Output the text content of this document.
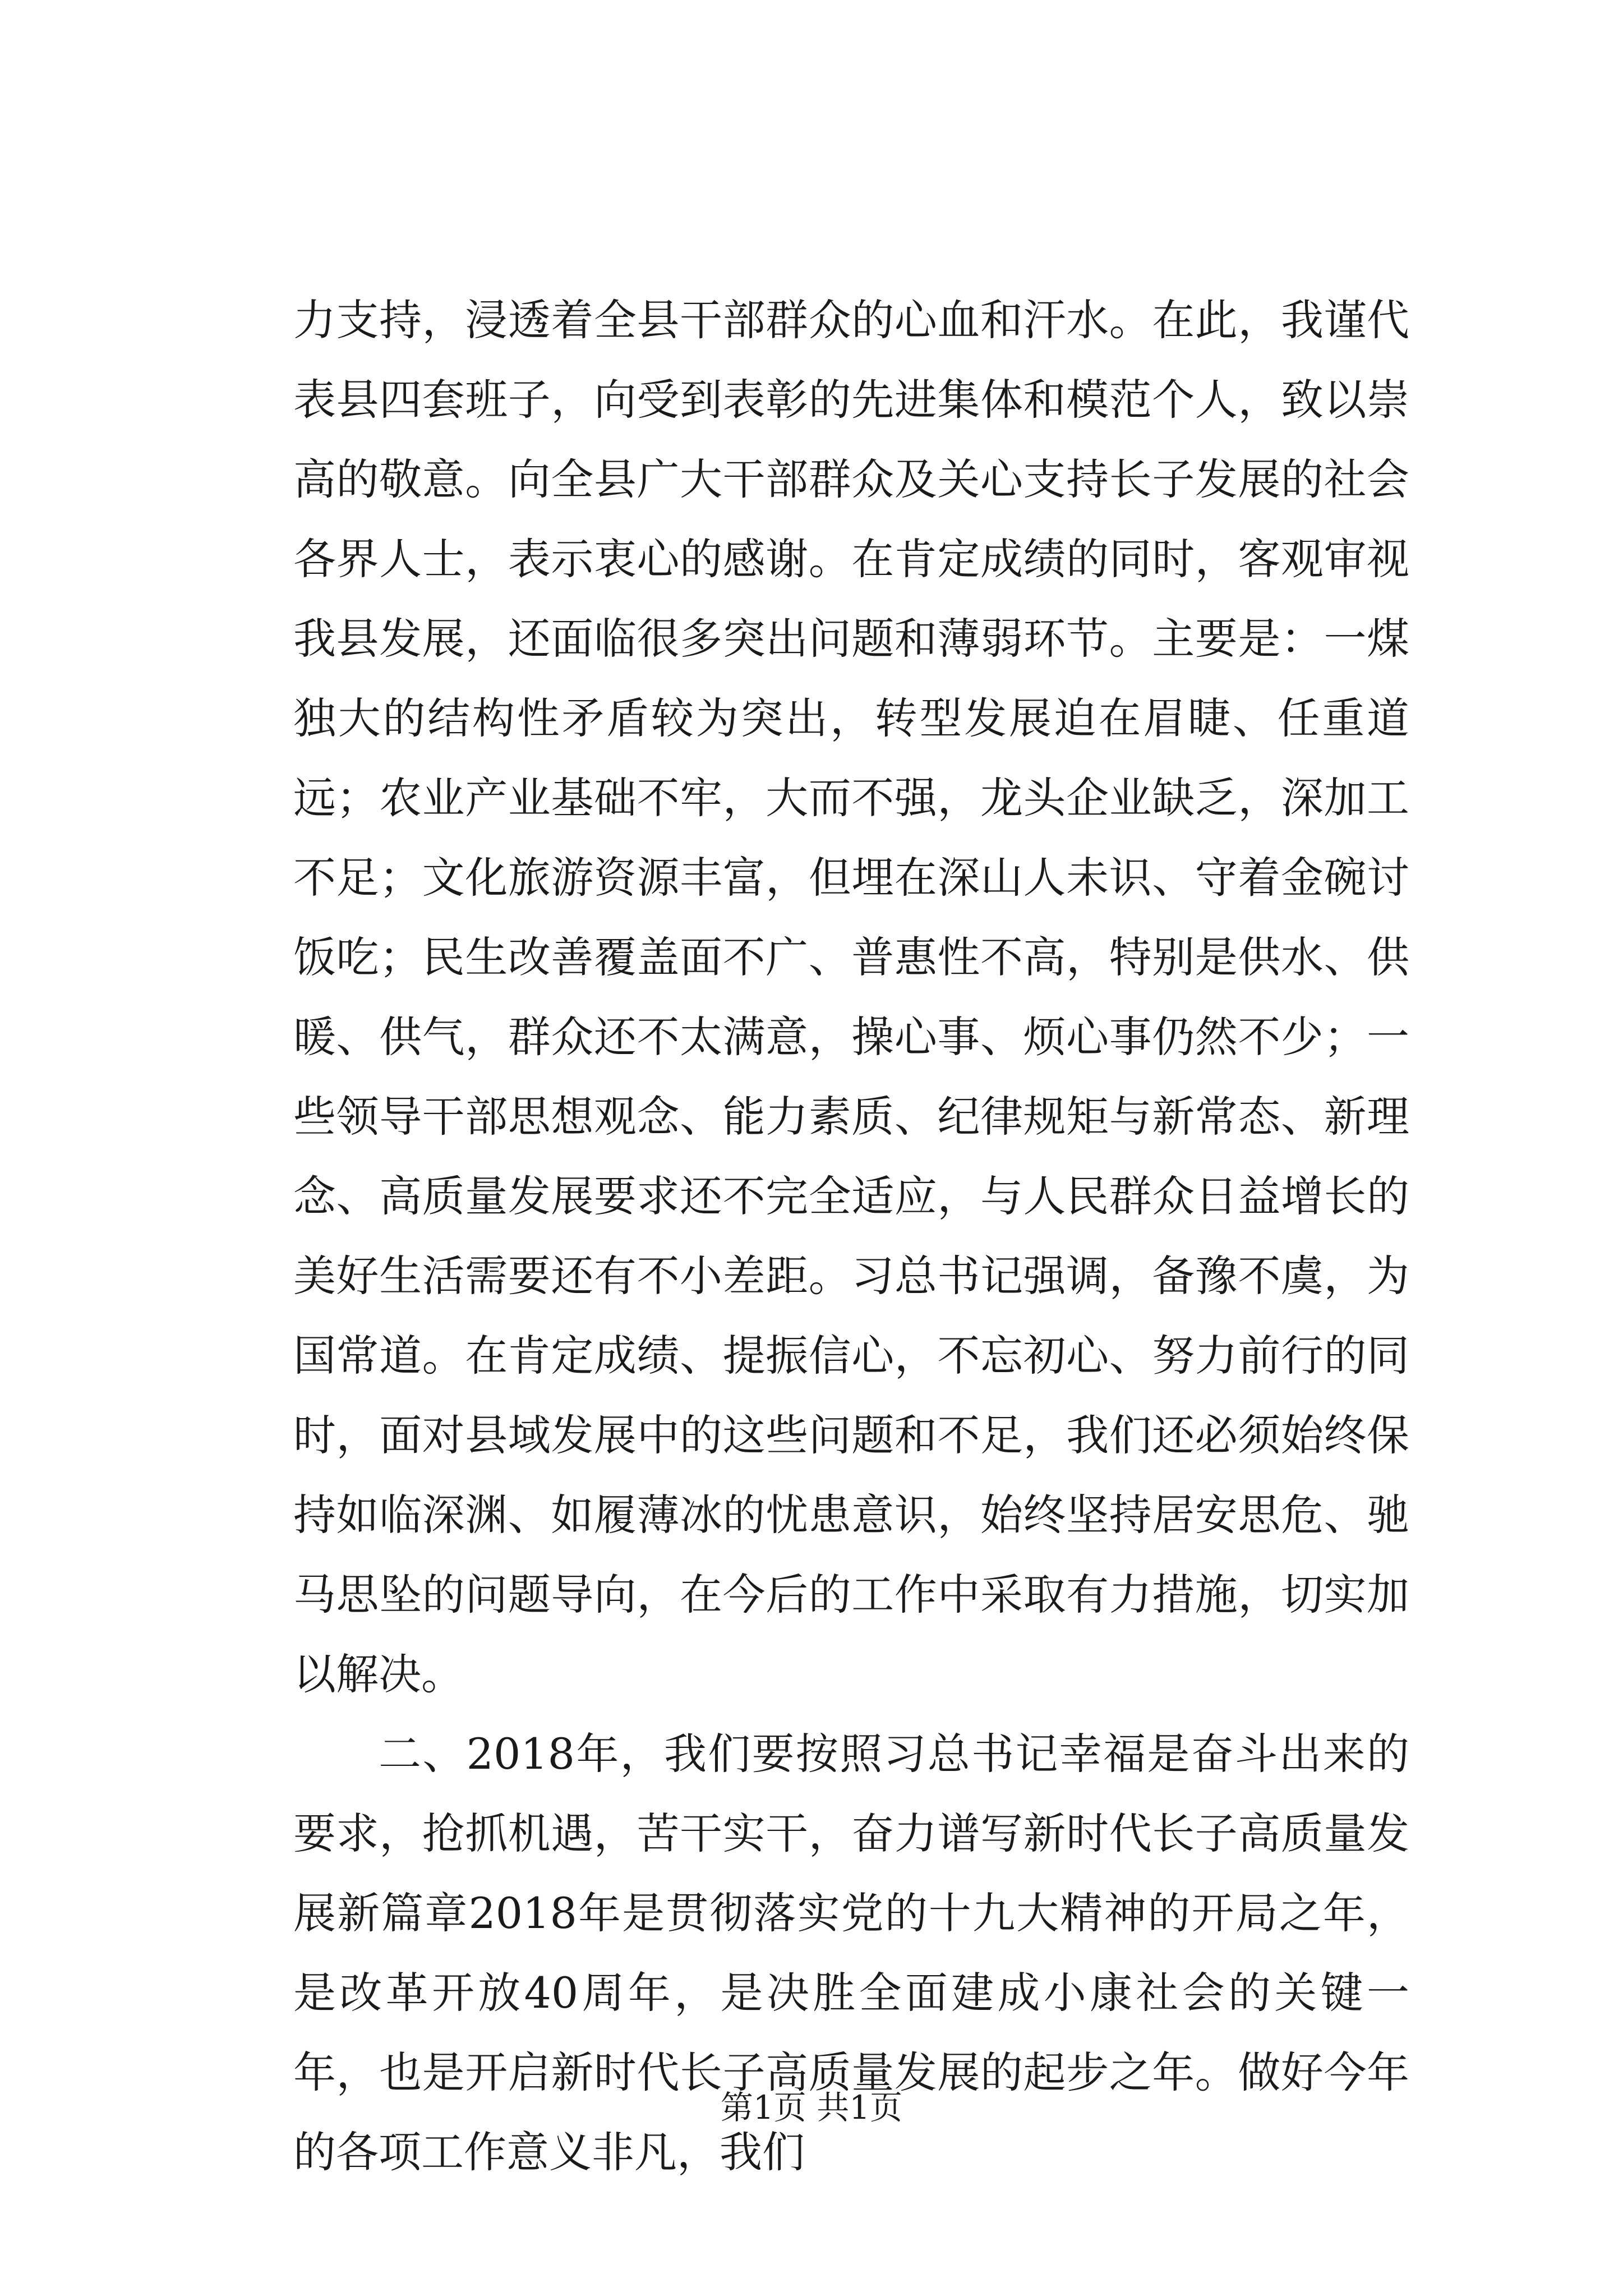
力支持，浸透着全县干部群众的心血和汗水。在此，我谨代表县四套班子，向受到表彰的先进集体和模范个人，致以崇高的敬意。向全县广大干部群众及关心支持长子发展的社会各界人士，表示衷心的感谢。在肯定成绩的同时，客观审视我县发展，还面临很多突出问题和薄弱环节。主要是：一煤独大的结构性矛盾较为突出，转型发展迫在眉睫、任重道远；农业产业基础不牢，大而不强，龙头企业缺乏，深加工不足；文化旅游资源丰富，但埋在深山人未识、守着金碗讨饭吃；民生改善覆盖面不广、普惠性不高，特别是供水、供暖、供气，群众还不太满意，操心事、烦心事仍然不少；一些领导干部思想观念、能力素质、纪律规矩与新常态、新理念、高质量发展要求还不完全适应，与人民群众日益增长的美好生活需要还有不小差距。习总书记强调，备豫不虞，为国常道。在肯定成绩、提振信心，不忘初心、努力前行的同时，面对县域发展中的这些问题和不足，我们还必须始终保持如临深渊、如履薄冰的忧患意识，始终坚持居安思危、驰马思坠的问题导向，在今后的工作中采取有力措施，切实加以解决。

二、2018年，我们要按照习总书记幸福是奋斗出来的要求，抢抓机遇，苦干实干，奋力谱写新时代长子高质量发展新篇章2018年是贯彻落实党的十九大精神的开局之年，是改革开放40周年，是决胜全面建成小康社会的关键一年，也是开启新时代长子高质量发展的起步之年。做好今年的各项工作意义非凡，我们

第1页 共1页
